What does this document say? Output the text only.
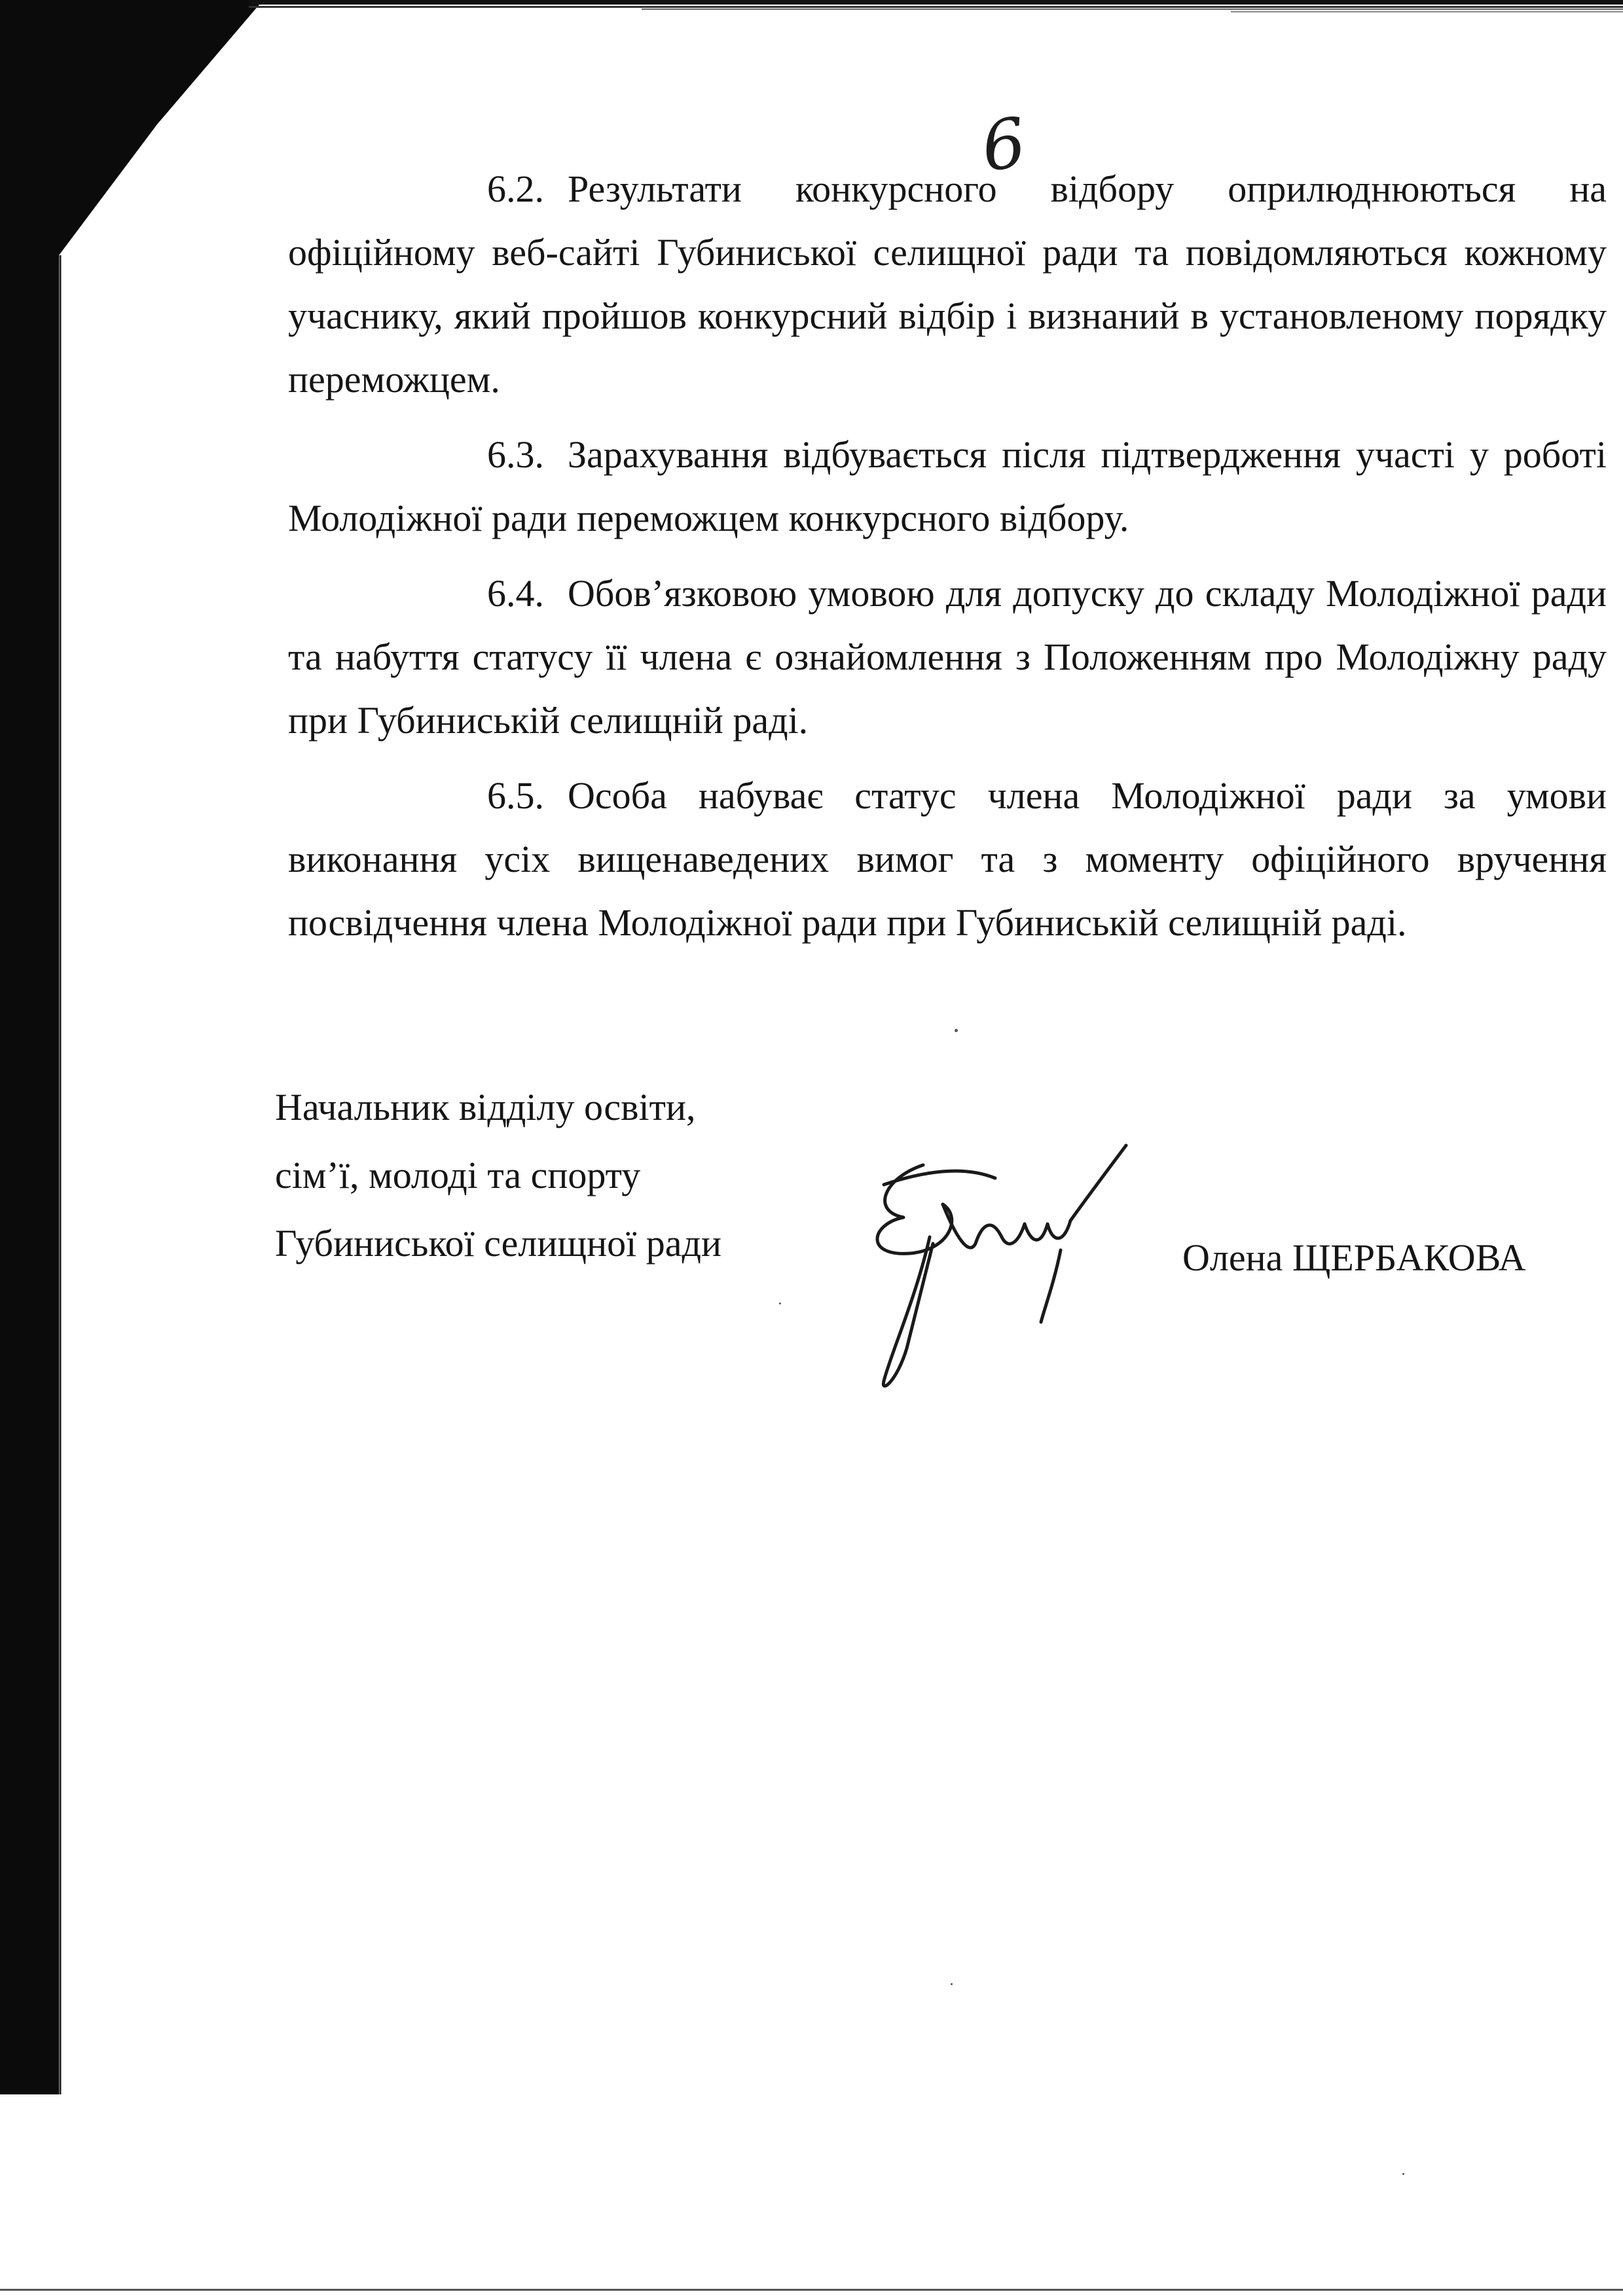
6

6.2. Результати конкурсного відбору оприлюднюються на офіційному веб-сайті Губиниської селищної ради та повідомляються кожному учаснику, який пройшов конкурсний відбір і визнаний в установленому порядку переможцем.

6.3. Зарахування відбувається після підтвердження участі у роботі Молодіжної ради переможцем конкурсного відбору.

6.4. Обов’язковою умовою для допуску до складу Молодіжної ради та набуття статусу її члена є ознайомлення з Положенням про Молодіжну раду при Губиниській селищній раді.

6.5. Особа набуває статус члена Молодіжної ради за умови виконання усіх вищенаведених вимог та з моменту офіційного вручення посвідчення члена Молодіжної ради при Губиниській селищній раді.

Начальник відділу освіти,
сім’ї, молоді та спорту
Губиниської селищної ради	Олена ЩЕРБАКОВА
